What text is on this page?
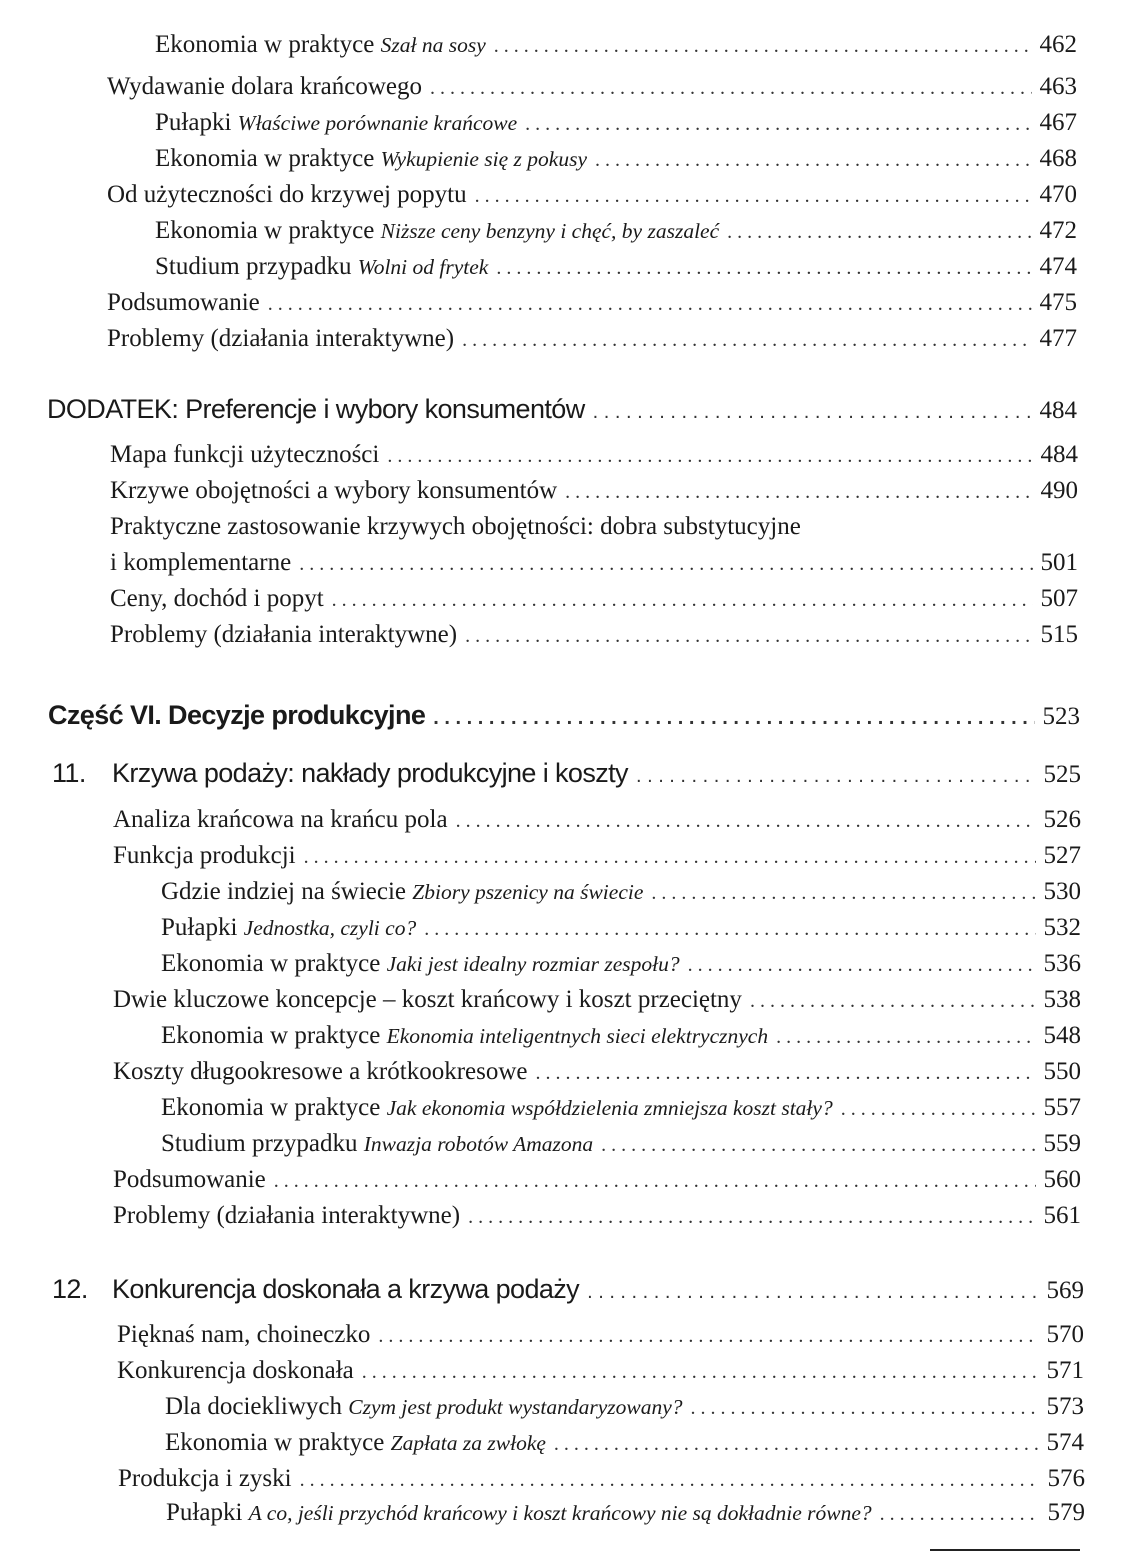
Ekonomia w praktyce Szał na sosy . . .	462
Wydawanie dolara krańcowego . . .	463
Pułapki Właściwe porównanie krańcowe . . .	467
Ekonomia w praktyce Wykupienie się z pokusy . . .	468
Od użyteczności do krzywej popytu . . .	470
Ekonomia w praktyce Niższe ceny benzyny i chęć, by zaszaleć . . .	472
Studium przypadku Wolni od frytek . . .	474
Podsumowanie . . .	475
Problemy (działania interaktywne) . . .	477
DODATEK: Preferencje i wybory konsumentów . . .	484
Mapa funkcji użyteczności . . .	484
Krzywe obojętności a wybory konsumentów . . .	490
Praktyczne zastosowanie krzywych obojętności: dobra substytucyjne
i komplementarne . . .	501
Ceny, dochód i popyt . . .	507
Problemy (działania interaktywne) . . .	515
Część VI. Decyzje produkcyjne . . .	523
11. Krzywa podaży: nakłady produkcyjne i koszty . . .	525
Analiza krańcowa na krańcu pola . . .	526
Funkcja produkcji . . .	527
Gdzie indziej na świecie Zbiory pszenicy na świecie . . .	530
Pułapki Jednostka, czyli co? . . .	532
Ekonomia w praktyce Jaki jest idealny rozmiar zespołu? . . .	536
Dwie kluczowe koncepcje – koszt krańcowy i koszt przeciętny . . .	538
Ekonomia w praktyce Ekonomia inteligentnych sieci elektrycznych . . .	548
Koszty długookresowe a krótkookresowe . . .	550
Ekonomia w praktyce Jak ekonomia współdzielenia zmniejsza koszt stały? . . .	557
Studium przypadku Inwazja robotów Amazona . . .	559
Podsumowanie . . .	560
Problemy (działania interaktywne) . . .	561
12. Konkurencja doskonała a krzywa podaży . . .	569
Pięknaś nam, choineczko . . .	570
Konkurencja doskonała . . .	571
Dla dociekliwych Czym jest produkt wystandaryzowany? . . .	573
Ekonomia w praktyce Zapłata za zwłokę . . .	574
Produkcja i zyski . . .	576
Pułapki A co, jeśli przychód krańcowy i koszt krańcowy nie są dokładnie równe? . . .	579
